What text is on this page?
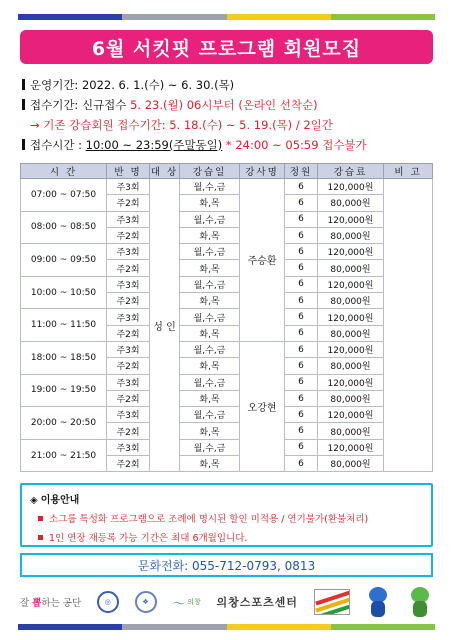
6월 서킷핏 프로그램 회원모집
운영기간: 2022. 6. 1.(수) ~ 6. 30.(목)
접수기간: 신규접수 5. 23.(월) 06시부터 (온라인 선착순)
→ 기존 강습회원 접수기간: 5. 18.(수) ~ 5. 19.(목) / 2일간
접수시간 : 10:00 ~ 23:59(주말동일) * 24:00 ~ 05:59 접수불가
시 간	반 명	대 상	강습일	강사명	정원	강습료	비 고
07:00 ~ 07:50	주3회	성 인	월,수,금	주승환	6	120,000원	
	주2회		화,목		6	80,000원	
08:00 ~ 08:50	주3회		월,수,금		6	120,000원	
	주2회		화,목		6	80,000원	
09:00 ~ 09:50	주3회		월,수,금		6	120,000원	
	주2회		화,목		6	80,000원	
10:00 ~ 10:50	주3회		월,수,금		6	120,000원	
	주2회		화,목		6	80,000원	
11:00 ~ 11:50	주3회		월,수,금		6	120,000원	
	주2회		화,목		6	80,000원	
18:00 ~ 18:50	주3회		월,수,금	오강현	6	120,000원	
	주2회		화,목		6	80,000원	
19:00 ~ 19:50	주3회		월,수,금		6	120,000원	
	주2회		화,목		6	80,000원	
20:00 ~ 20:50	주3회		월,수,금		6	120,000원	
	주2회		화,목		6	80,000원	
21:00 ~ 21:50	주3회		월,수,금		6	120,000원	
	주2회		화,목		6	80,000원	
◈ 이용안내
소그룹 특성화 프로그램으로 조례에 명시된 할인 미적용 / 연기불가(환불처리)
1인 연장 재등록 가능 기간은 최대 6개월입니다.
문화전화: 055-712-0793, 0813
잘 뽑하는 공단	◎	❖	〜 의창 의창스포츠센터
